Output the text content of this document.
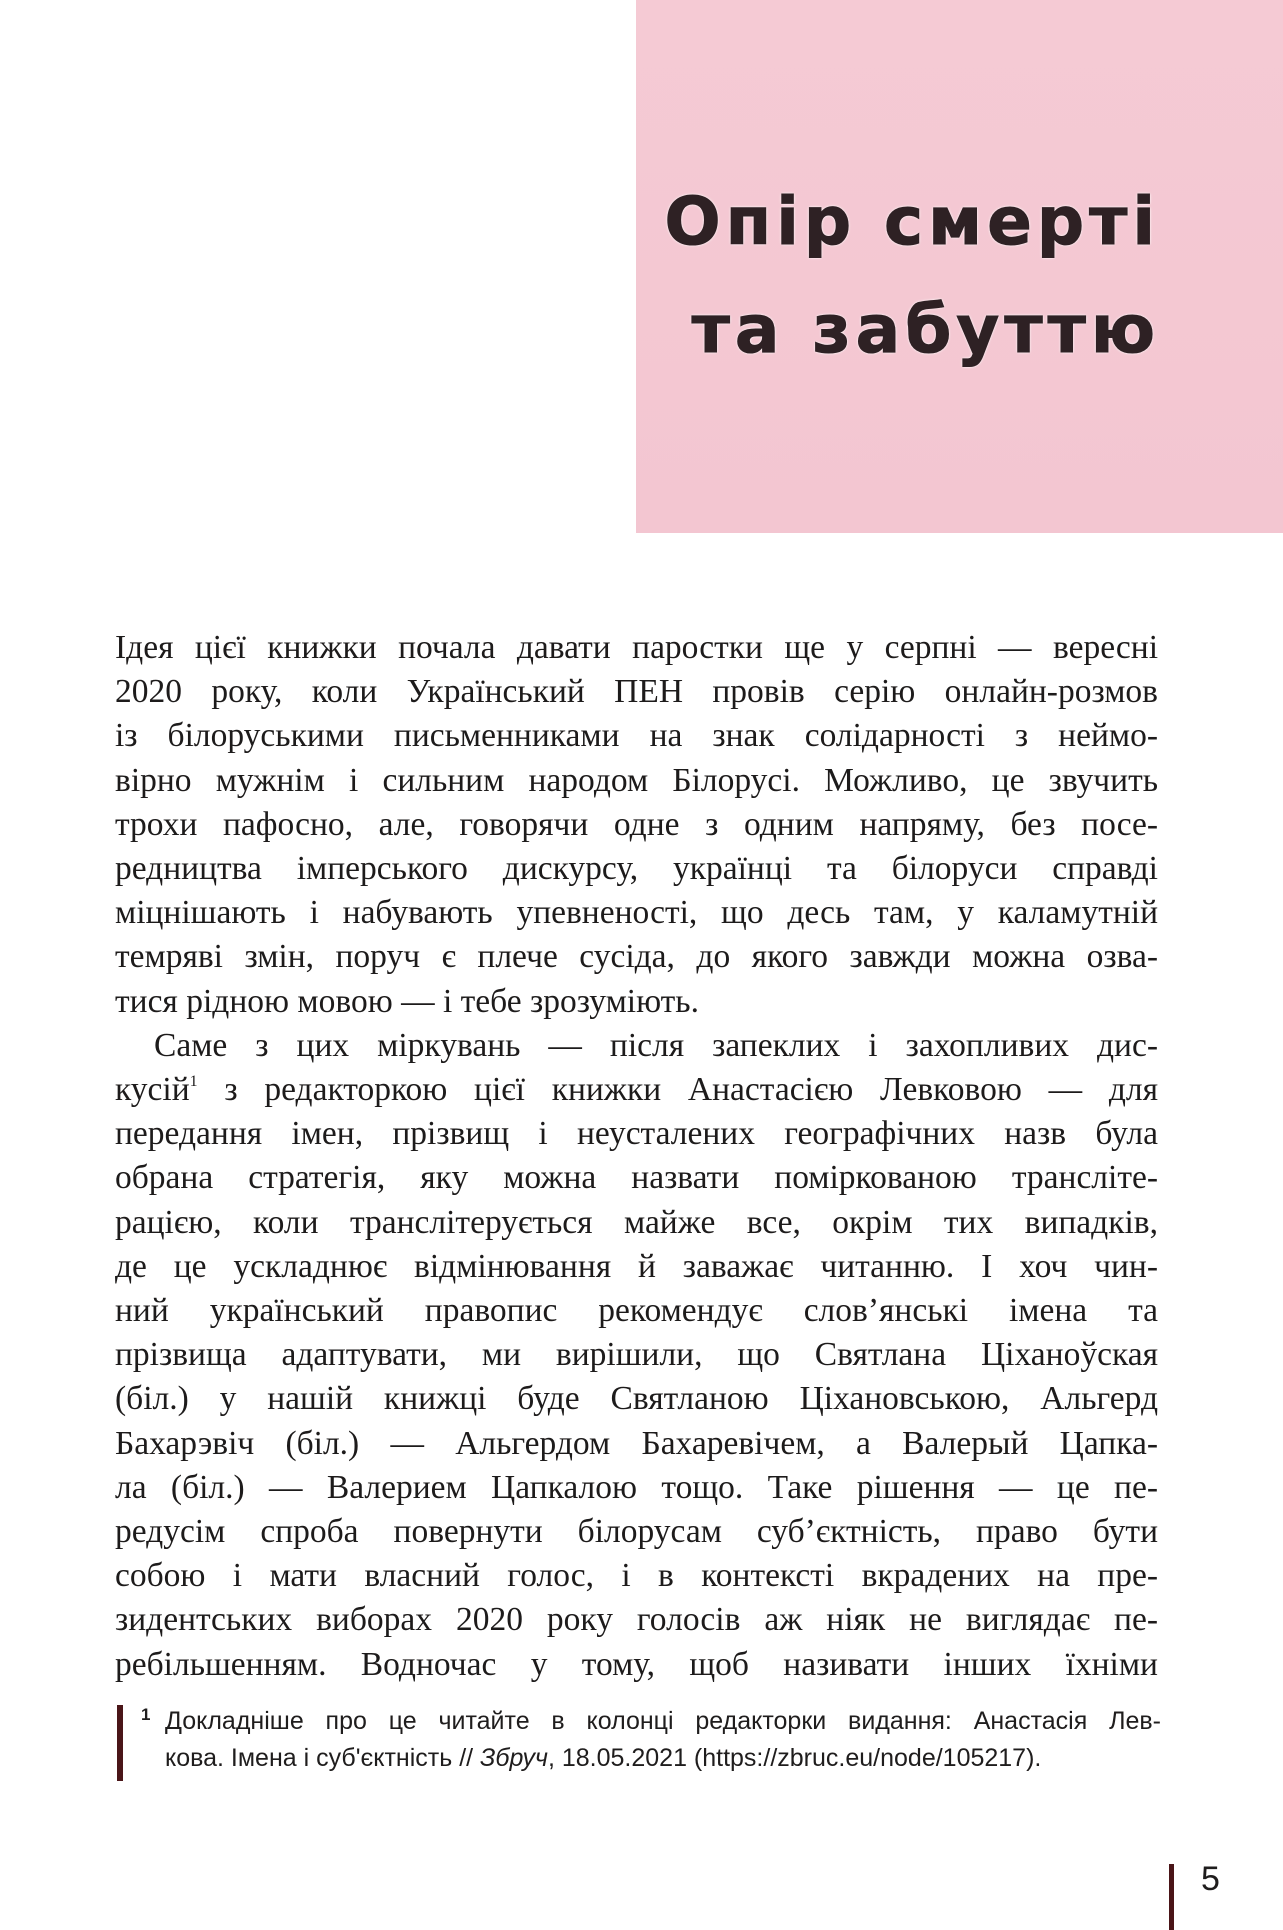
Опір смерті
та забуттю
Ідея цієї книжки почала давати паростки ще у серпні — вересні
2020 року, коли Український ПЕН провів серію онлайн-розмов
із білоруськими письменниками на знак солідарності з неймо-
вірно мужнім і сильним народом Білорусі. Можливо, це звучить
трохи пафосно, але, говорячи одне з одним напряму, без посе-
редництва імперського дискурсу, українці та білоруси справді
міцнішають і набувають упевненості, що десь там, у каламутній
темряві змін, поруч є плече сусіда, до якого завжди можна озва-
тися рідною мовою — і тебе зрозуміють.
Саме з цих міркувань — після запеклих і захопливих дис-
кусій$^1$ з редакторкою цієї книжки Анастасією Левковою — для
передання імен, прізвищ і неусталених географічних назв була
обрана стратегія, яку можна назвати поміркованою трансліте-
рацією, коли транслітерується майже все, окрім тих випадків,
де це ускладнює відмінювання й заважає читанню. І хоч чин-
ний український правопис рекомендує слов’янські імена та
прізвища адаптувати, ми вирішили, що Святлана Ціханоўская
(біл.) у нашій книжці буде Святланою Ціхановською, Альгерд
Бахарэвіч (біл.) — Альгердом Бахаревічем, а Валерый Цапка-
ла (біл.) — Валерием Цапкалою тощо. Таке рішення — це пе-
редусім спроба повернути білорусам суб’єктність, право бути
собою і мати власний голос, і в контексті вкрадених на пре-
зидентських виборах 2020 року голосів аж ніяк не виглядає пе-
ребільшенням. Водночас у тому, щоб називати інших їхніми
1 Докладніше про це читайте в колонці редакторки видання: Анастасія Лев-
кова. Імена і суб'єктність // Збруч, 18.05.2021 (https://zbruc.eu/node/105217).
5
